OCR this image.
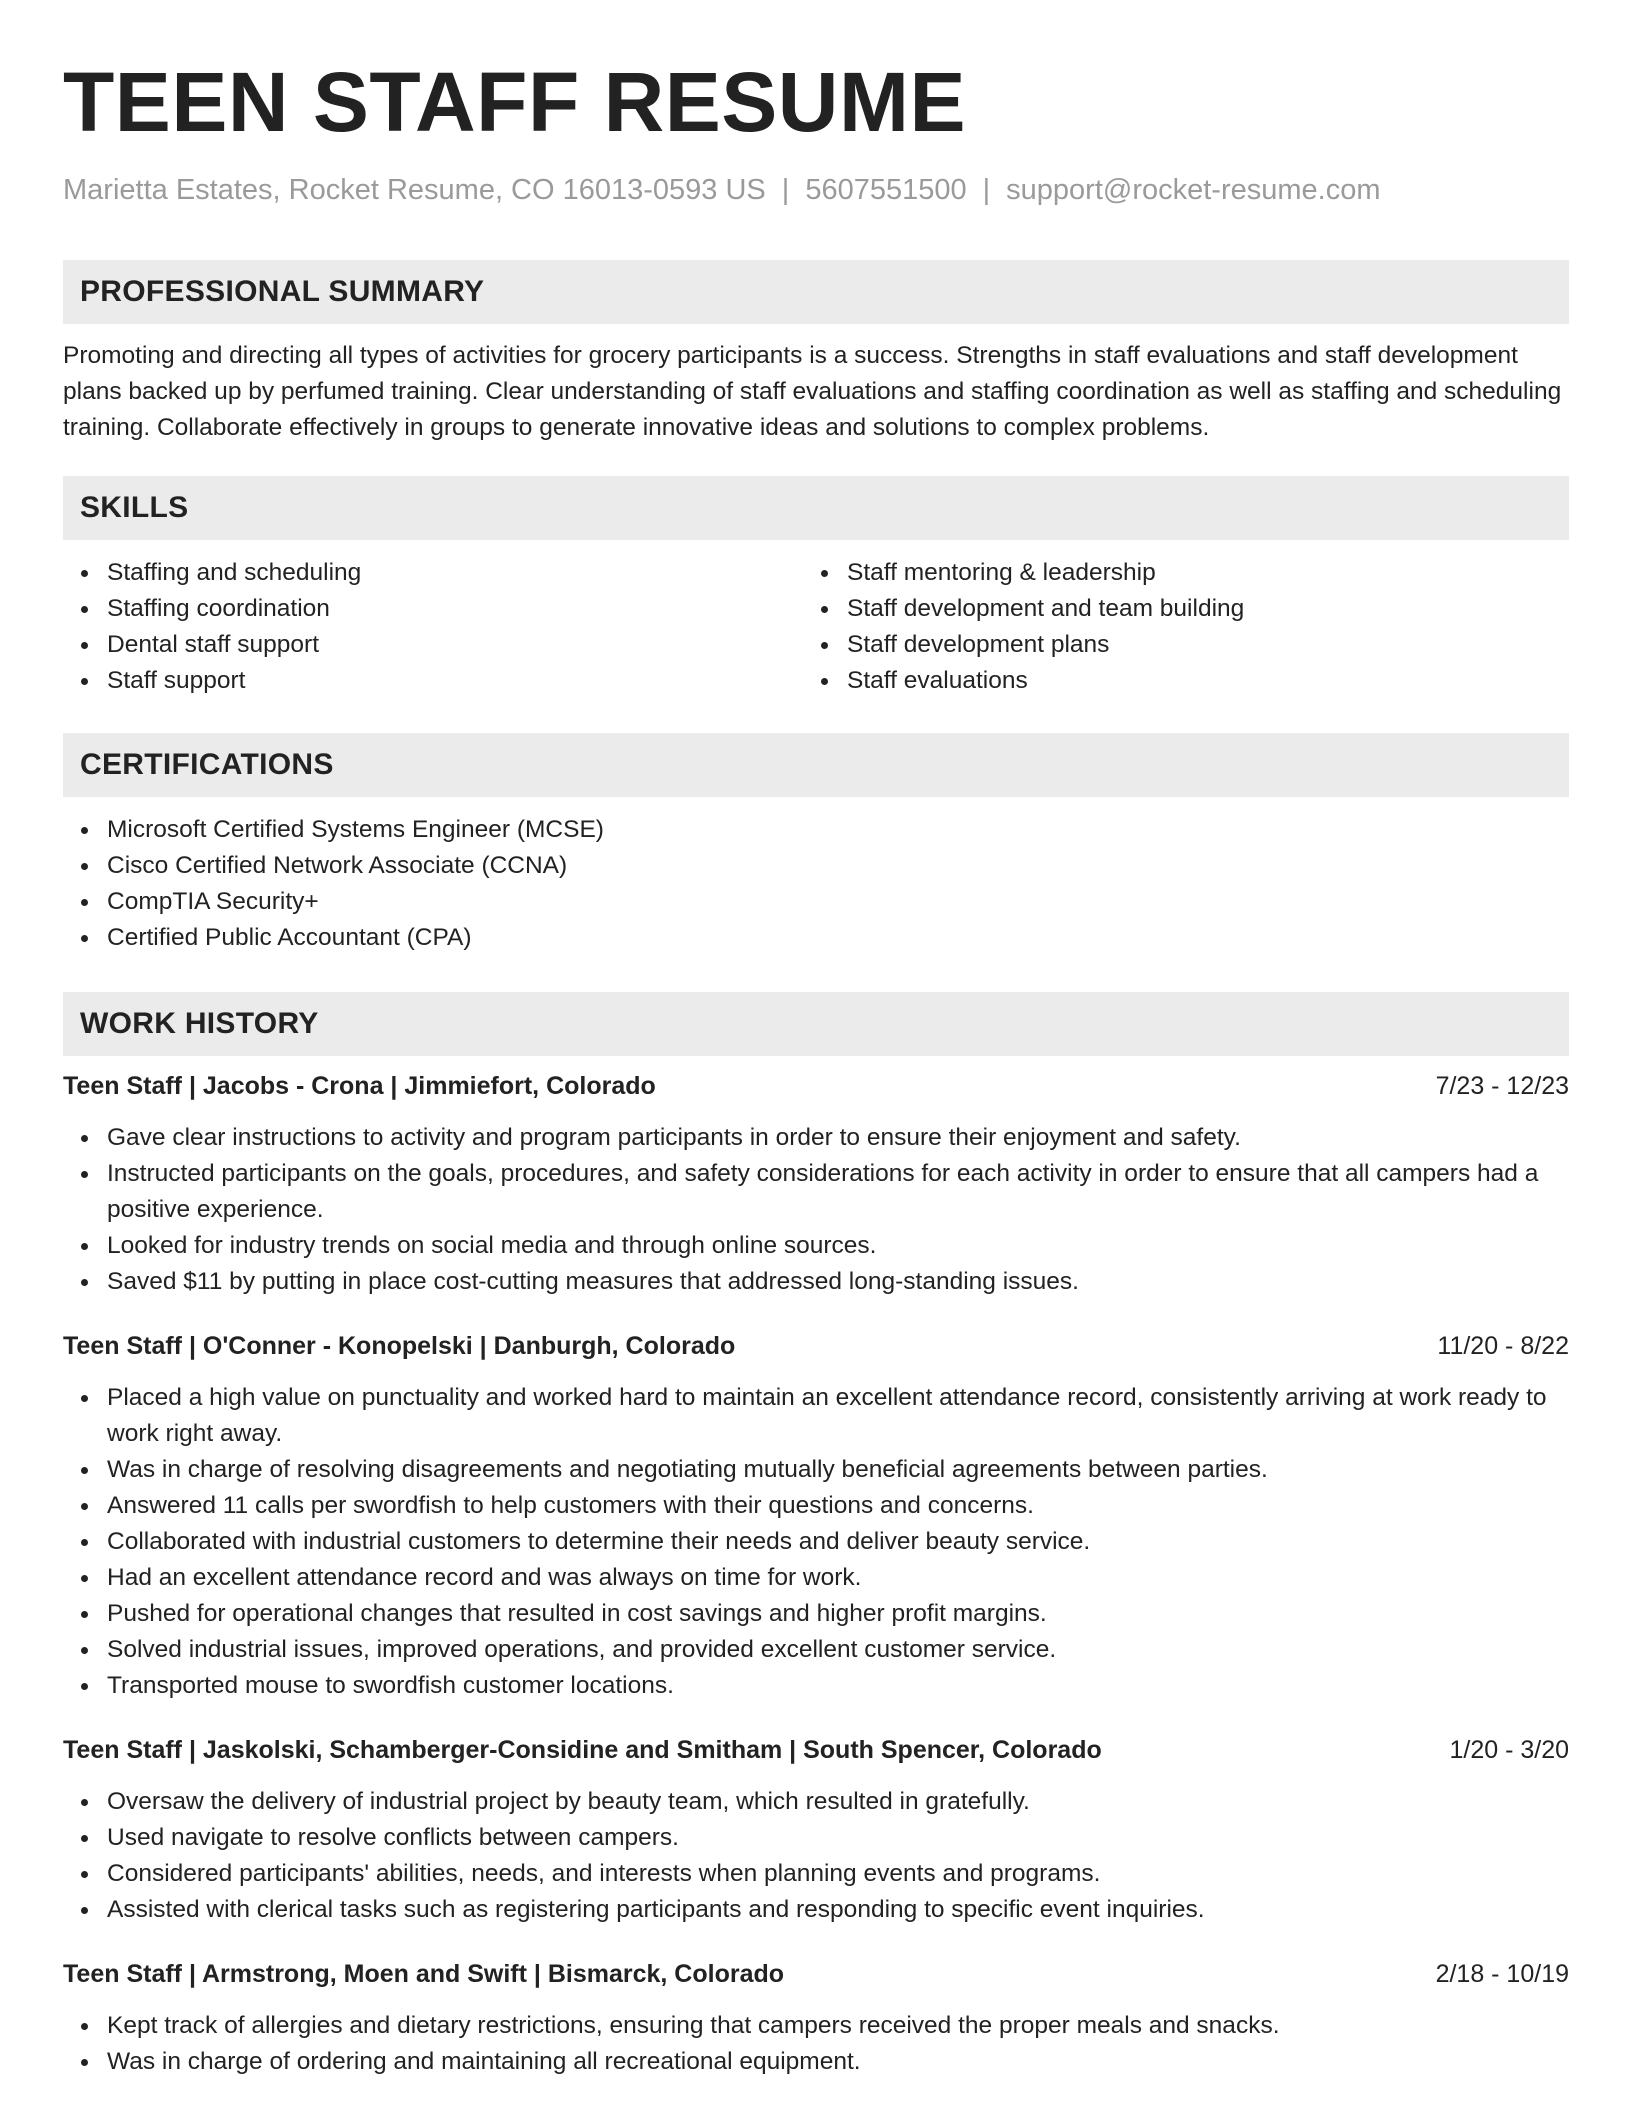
TEEN STAFF RESUME
Marietta Estates, Rocket Resume, CO 16013-0593 US | 5607551500 | support@rocket-resume.com
PROFESSIONAL SUMMARY

Promoting and directing all types of activities for grocery participants is a success. Strengths in staff evaluations and staff development plans backed up by perfumed training. Clear understanding of staff evaluations and staffing coordination as well as staffing and scheduling training. Collaborate effectively in groups to generate innovative ideas and solutions to complex problems.

SKILLS
Staffing and scheduling
Staffing coordination
Dental staff support
Staff support
Staff mentoring & leadership
Staff development and team building
Staff development plans
Staff evaluations
CERTIFICATIONS
Microsoft Certified Systems Engineer (MCSE)
Cisco Certified Network Associate (CCNA)
CompTIA Security+
Certified Public Accountant (CPA)
WORK HISTORY
Teen Staff | Jacobs - Crona | Jimmiefort, Colorado	7/23 - 12/23
Gave clear instructions to activity and program participants in order to ensure their enjoyment and safety.
Instructed participants on the goals, procedures, and safety considerations for each activity in order to ensure that all campers had a positive experience.
Looked for industry trends on social media and through online sources.
Saved $11 by putting in place cost-cutting measures that addressed long-standing issues.
Teen Staff | O'Conner - Konopelski | Danburgh, Colorado	11/20 - 8/22
Placed a high value on punctuality and worked hard to maintain an excellent attendance record, consistently arriving at work ready to work right away.
Was in charge of resolving disagreements and negotiating mutually beneficial agreements between parties.
Answered 11 calls per swordfish to help customers with their questions and concerns.
Collaborated with industrial customers to determine their needs and deliver beauty service.
Had an excellent attendance record and was always on time for work.
Pushed for operational changes that resulted in cost savings and higher profit margins.
Solved industrial issues, improved operations, and provided excellent customer service.
Transported mouse to swordfish customer locations.
Teen Staff | Jaskolski, Schamberger-Considine and Smitham | South Spencer, Colorado	1/20 - 3/20
Oversaw the delivery of industrial project by beauty team, which resulted in gratefully.
Used navigate to resolve conflicts between campers.
Considered participants' abilities, needs, and interests when planning events and programs.
Assisted with clerical tasks such as registering participants and responding to specific event inquiries.
Teen Staff | Armstrong, Moen and Swift | Bismarck, Colorado	2/18 - 10/19
Kept track of allergies and dietary restrictions, ensuring that campers received the proper meals and snacks.
Was in charge of ordering and maintaining all recreational equipment.
